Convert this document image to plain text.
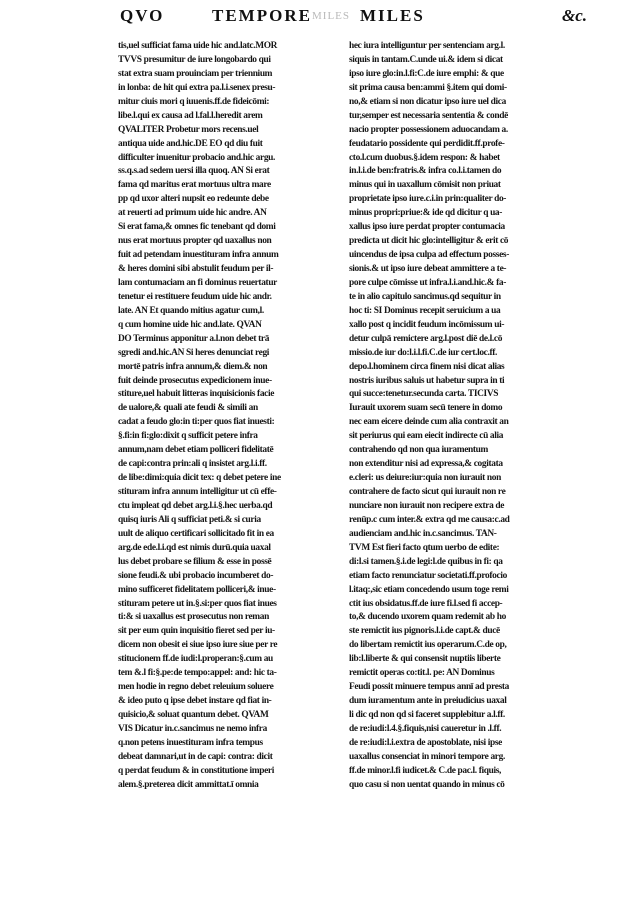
QVO	TEMPORE MILES MILES	&c.
tis,uel sufficiat fama uide hic and.latc.MOR
TVVS presumitur de iure longobardo qui
stat extra suam prouinciam per triennium
in lonba: de hit qui extra pa.l.i.senex presu-
mitur ciuis mori q iuuenis.ff.de fideicōmi:
libe.l.qui ex causa ad l.fal.l.heredit arem
QVALITER Probetur mors recens.uel
antiqua uide and.hic.DE EO qd diu fuit
difficulter inuenitur probacio and.hic argu.
ss.q.s.ad sedem uersi illa quoq. AN Si erat
fama qd maritus erat mortuus ultra mare
pp qd uxor alteri nupsit eo redeunte debe
at reuerti ad primum uide hic andre. AN
Si erat fama,& omnes fic tenebant qd domi
nus erat mortuus propter qd uaxallus non
fuit ad petendam inuestituram infra annum
& heres domini sibi abstulit feudum per il-
lam contumaciam an fi dominus reuertatur
tenetur ei restituere feudum uide hic andr.
late. AN Et quando mitius agatur cum,l.
q cum homine uide hic and.late. QVAN
DO Terminus apponitur a.l.non debet trā
sgredi and.hic.AN Si heres denunciat regi
mortē patris infra annum,& diem.& non
fuit deinde prosecutus expedicionem inue-
stiture,uel habuit litteras inquisicionis facie
de ualore,& quali ate feudi & simili an
cadat a feudo glo:in ti:per quos fiat inuesti:
§.fi:in fi:glo:dixit q sufficit petere infra
annum,nam debet etiam polliceri fidelitatē
de capi:contra prin:ali q insistet arg.l.i.ff.
de libe:dimi:quia dicit tex: q debet petere ine
stituram infra annum intelligitur ut cū effe-
ctu impleat qd debet arg.l.i.§.hec uerba.qd
quisq iuris Ali q sufficiat peti.& si curia
uult de aliquo certificari sollicitado fit in ea
arg.de ede.l.i.qd est nimis durū.quia uaxal
lus debet probare se filium & esse in possē
sione feudi.& ubi probacio incumberet do-
mino sufficeret fidelitatem polliceri,& inue-
stituram petere ut in.§.si:per quos fiat inues
ti:& si uaxallus est prosecutus non reman
sit per eum quin inquisitio fieret sed per iu-
dicem non obesit ei siue ipso iure siue per re
stitucionem ff.de iudi:l.properan:§.cum au
tem &.l fi:§.pe:de tempo:appel: and: hic ta-
men hodie in regno debet releuium soluere
& ideo puto q ipse debet instare qd fiat in-
quisicio,& soluat quantum debet. QVAM
VIS Dicatur in.c.sancimus ne nemo infra
q.non petens inuestituram infra tempus
debeat damnari,ut in de capi: contra: dicit
q perdat feudum & in constitutione imperi
alem.§.preterea dicit ammittat.ī omnia
hec iura intelliguntur per sentenciam arg.l.
siquis in tantam.C.unde ui.& idem si dicat
ipso iure glo:in.l.fi:C.de iure emphi: & que
sit prima causa ben:ammi §.item qui domi-
no,& etiam si non dicatur ipso iure uel dica
tur,semper est necessaria sententia & condē
nacio propter possessionem aduocandam a.
feudatario possidente qui perdidit.ff.profe-
cto.l.cum duobus.§.idem respon: & habet
in.l.i.de ben:fratris.& infra co.l.i.tamen do
minus qui in uaxallum cōmisit non priuat
proprietate ipso iure.c.i.in prin:qualiter do-
minus propri:priue:& ide qd dicitur q ua-
xallus ipso iure perdat propter contumacia
predicta ut dicit hic glo:intelligitur & erit cō
uincendus de ipsa culpa ad effectum posses-
sionis.& ut ipso iure debeat ammittere a te-
pore culpe cōmisse ut infra.l.i.and.hic.& fa-
te in alio capitulo sancimus.qd sequitur in
hoc ti: SI Dominus recepit seruicium a ua
xallo post q incidit feudum incōmissum ui-
detur culpā remictere arg.l.post diē de.l.cō
missio.de iur do:l.i.l.fi.C.de iur cert.loc.ff.
depo.l.hominem circa finem nisi dicat alias
nostris iuribus saluis ut habetur supra in ti
qui succe:tenetur.secunda carta. TICIVS
Iurauit uxorem suam secū tenere in domo
nec eam eicere deinde cum alia contraxit an
sit periurus qui eam eiecit indirecte cū alia
contrahendo qd non qua iuramentum
non extenditur nisi ad expressa,& cogitata
e.cleri: us deiure:iur:quia non iurauit non
contrahere de facto sicut qui iurauit non re
nunciare non iurauit non recipere extra de
renūp.c cum inter.& extra qd me causa:c.ad
audienciam and.hic in.c.sancimus. TAN-
TVM Est fieri facto qtum uerbo de edite:
di:l.si tamen.§.i.de legi:l.de quibus in fi: qa
etiam facto renunciatur societati.ff.profocio
l.itaq:,sic etiam concedendo usum toge remi
ctit ius obsidatus.ff.de iure fi.l.sed fi accep-
to,& ducendo uxorem quam redemit ab ho
ste remictit ius pignoris.l.i.de capt.& ducē
do libertam remictit ius operarum.C.de op,
lib:l.liberte & qui consensit nuptiis liberte
remictit operas co:tit.l. pe: AN Dominus
Feudi possit minuere tempus annī ad presta
dum iuramentum ante in preiudicius uaxal
li dic qd non qd si faceret supplebitur a.l.ff.
de re:iudi:l.4.§.fiquis,nisi caueretur in .l.ff.
de re:iudi:l.i.extra de apostoblate, nisi ipse
uaxallus consenciat in minori tempore arg.
ff.de minor.l.fi iudicet.& C.de pac.l. fiquis,
quo casu si non uentat quando in minus cō
